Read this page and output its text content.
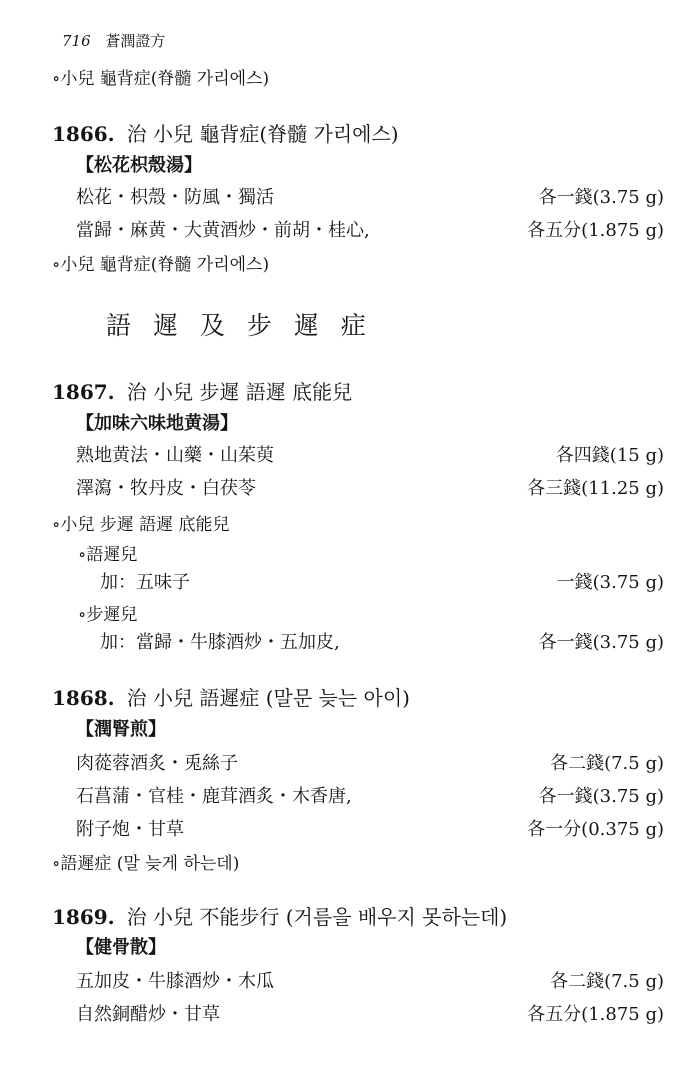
716 蒼潤證方
∘小兒 龜背症(脊髓 가리에스)
1866. 治 小兒 龜背症(脊髓 가리에스)
【松花枳殼湯】
松花・枳殼・防風・獨活	各一錢(3.75 g)
當歸・麻黄・大黄酒炒・前胡・桂心,	各五分(1.875 g)
∘小兒 龜背症(脊髓 가리에스)
語 遲 及 步 遲 症
1867. 治 小兒 步遲 語遲 底能兒
【加味六味地黄湯】
熟地黄法・山藥・山茱萸	各四錢(15 g)
澤瀉・牧丹皮・白茯苓	各三錢(11.25 g)
∘小兒 步遲 語遲 底能兒
∘語遲兒
加：五味子	一錢(3.75 g)
∘步遲兒
加：當歸・牛膝酒炒・五加皮,	各一錢(3.75 g)
1868. 治 小兒 語遲症 (말문 늦는 아이)
【潤腎煎】
肉蓯蓉酒炙・兎絲子	各二錢(7.5 g)
石菖蒲・官桂・鹿茸酒炙・木香唐,	各一錢(3.75 g)
附子炮・甘草	各一分(0.375 g)
∘語遲症 (말 늦게 하는데)
1869. 治 小兒 不能步行 (거름을 배우지 못하는데)
【健骨散】
五加皮・牛膝酒炒・木瓜	各二錢(7.5 g)
自然銅醋炒・甘草	各五分(1.875 g)
